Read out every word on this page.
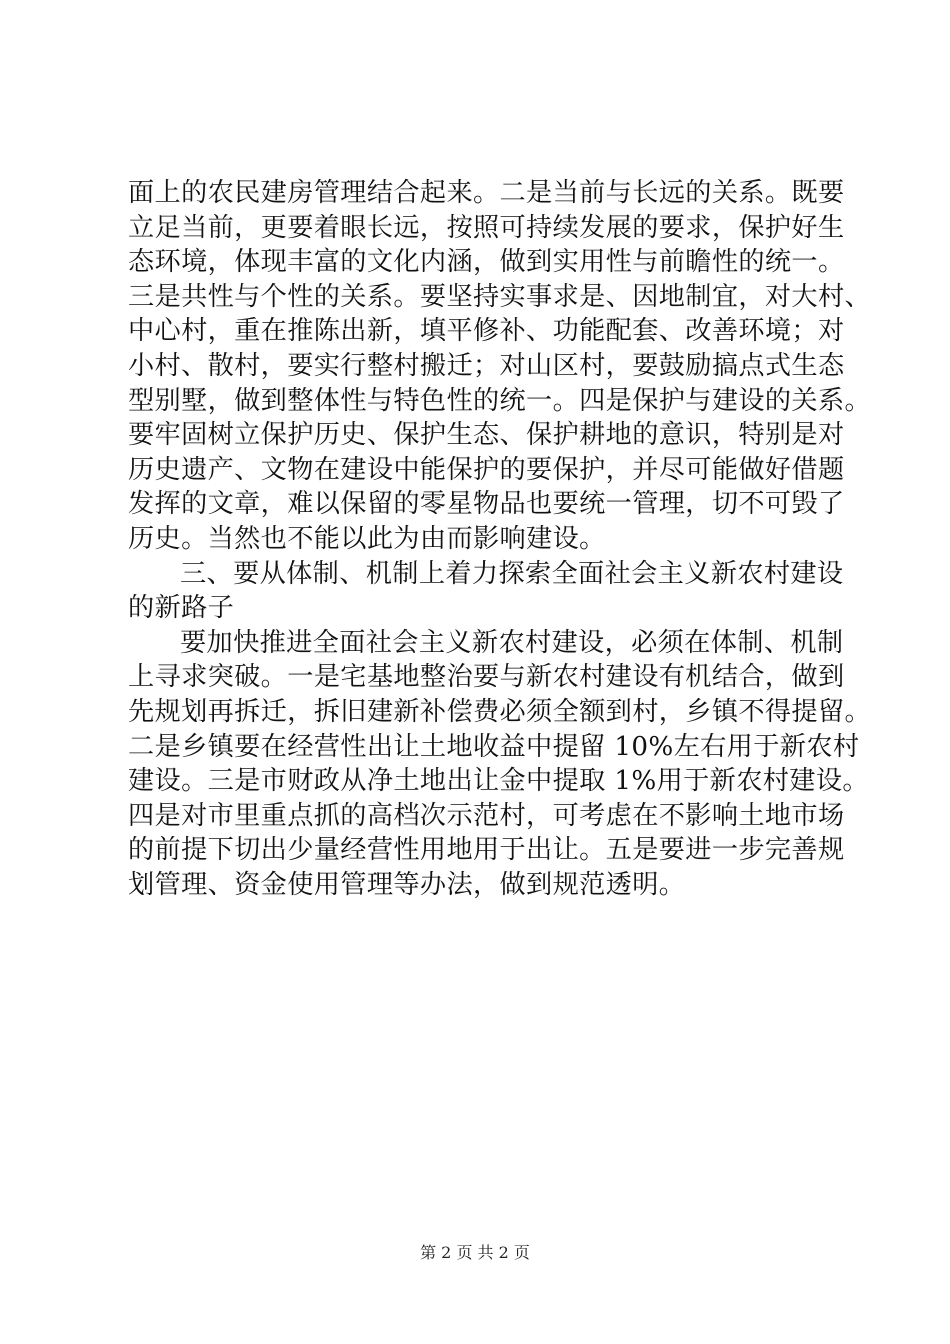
面上的农民建房管理结合起来。二是当前与长远的关系。既要
立足当前，更要着眼长远，按照可持续发展的要求，保护好生
态环境，体现丰富的文化内涵，做到实用性与前瞻性的统一。
三是共性与个性的关系。要坚持实事求是、因地制宜，对大村、
中心村，重在推陈出新，填平修补、功能配套、改善环境；对
小村、散村，要实行整村搬迁；对山区村，要鼓励搞点式生态
型别墅，做到整体性与特色性的统一。四是保护与建设的关系。
要牢固树立保护历史、保护生态、保护耕地的意识，特别是对
历史遗产、文物在建设中能保护的要保护，并尽可能做好借题
发挥的文章，难以保留的零星物品也要统一管理，切不可毁了
历史。当然也不能以此为由而影响建设。
三、要从体制、机制上着力探索全面社会主义新农村建设
的新路子
要加快推进全面社会主义新农村建设，必须在体制、机制
上寻求突破。一是宅基地整治要与新农村建设有机结合，做到
先规划再拆迁，拆旧建新补偿费必须全额到村，乡镇不得提留。
二是乡镇要在经营性出让土地收益中提留 10%左右用于新农村
建设。三是市财政从净土地出让金中提取 1%用于新农村建设。
四是对市里重点抓的高档次示范村，可考虑在不影响土地市场
的前提下切出少量经营性用地用于出让。五是要进一步完善规
划管理、资金使用管理等办法，做到规范透明。
第 2 页 共 2 页
